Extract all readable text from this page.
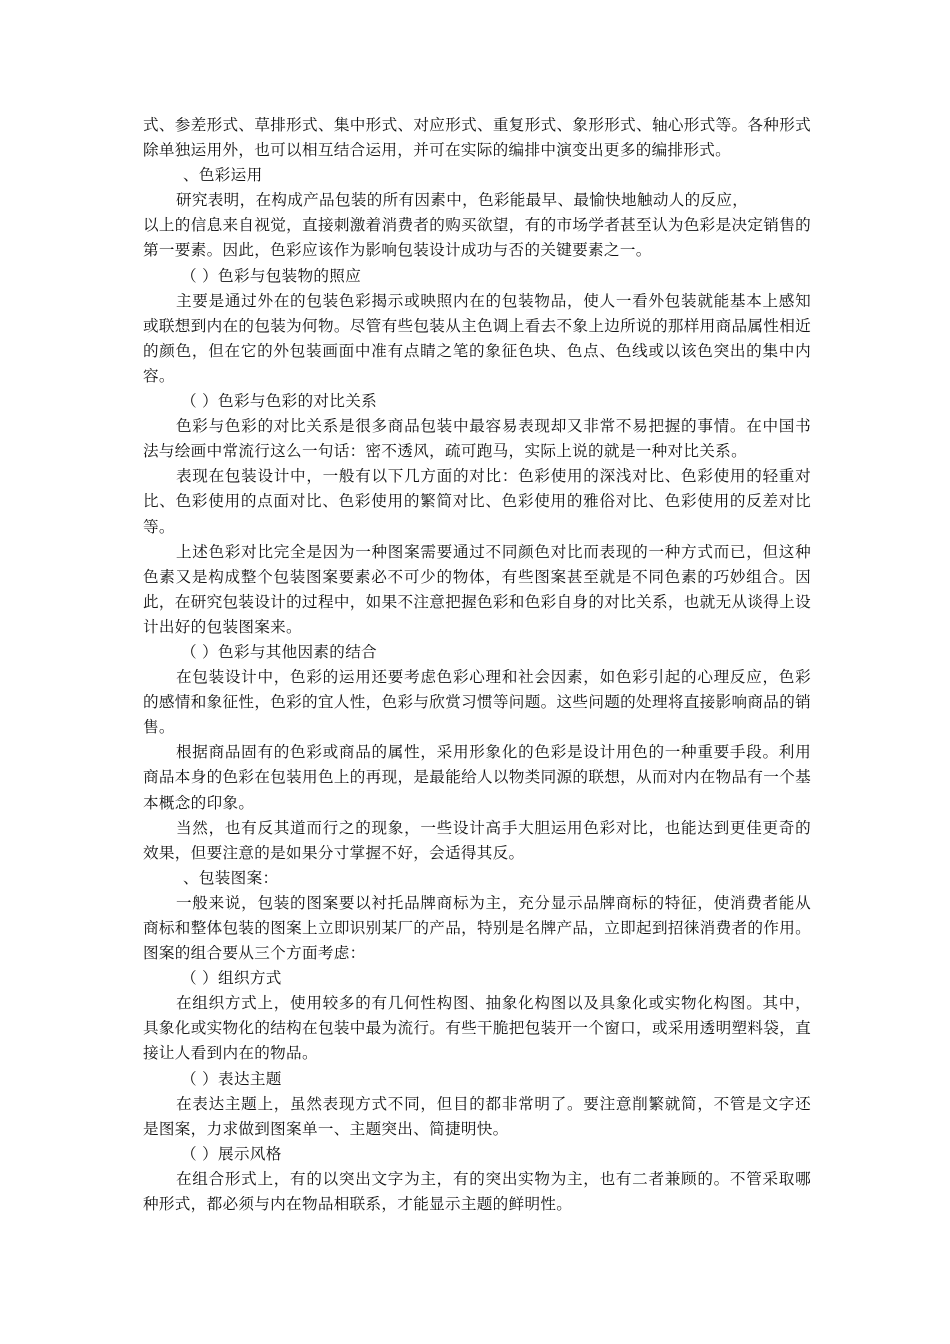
式、参差形式、草排形式、集中形式、对应形式、重复形式、象形形式、轴心形式等。各种形式除单独运用外，也可以相互结合运用，并可在实际的编排中演变出更多的编排形式。

、色彩运用

研究表明，在构成产品包装的所有因素中，色彩能最早、最愉快地触动人的反应，

以上的信息来自视觉，直接刺激着消费者的购买欲望，有的市场学者甚至认为色彩是决定销售的第一要素。因此，色彩应该作为影响包装设计成功与否的关键要素之一。

（ ）色彩与包装物的照应

主要是通过外在的包装色彩揭示或映照内在的包装物品，使人一看外包装就能基本上感知或联想到内在的包装为何物。尽管有些包装从主色调上看去不象上边所说的那样用商品属性相近的颜色，但在它的外包装画面中准有点睛之笔的象征色块、色点、色线或以该色突出的集中内容。

（ ）色彩与色彩的对比关系

色彩与色彩的对比关系是很多商品包装中最容易表现却又非常不易把握的事情。在中国书法与绘画中常流行这么一句话：密不透风，疏可跑马，实际上说的就是一种对比关系。

表现在包装设计中，一般有以下几方面的对比：色彩使用的深浅对比、色彩使用的轻重对比、色彩使用的点面对比、色彩使用的繁简对比、色彩使用的雅俗对比、色彩使用的反差对比等。

上述色彩对比完全是因为一种图案需要通过不同颜色对比而表现的一种方式而已，但这种色素又是构成整个包装图案要素必不可少的物体，有些图案甚至就是不同色素的巧妙组合。因此，在研究包装设计的过程中，如果不注意把握色彩和色彩自身的对比关系，也就无从谈得上设计出好的包装图案来。

（ ）色彩与其他因素的结合

在包装设计中，色彩的运用还要考虑色彩心理和社会因素，如色彩引起的心理反应，色彩的感情和象征性，色彩的宜人性，色彩与欣赏习惯等问题。这些问题的处理将直接影响商品的销售。

根据商品固有的色彩或商品的属性，采用形象化的色彩是设计用色的一种重要手段。利用商品本身的色彩在包装用色上的再现，是最能给人以物类同源的联想，从而对内在物品有一个基本概念的印象。

当然，也有反其道而行之的现象，一些设计高手大胆运用色彩对比，也能达到更佳更奇的效果，但要注意的是如果分寸掌握不好，会适得其反。

、包装图案：

一般来说，包装的图案要以衬托品牌商标为主，充分显示品牌商标的特征，使消费者能从商标和整体包装的图案上立即识别某厂的产品，特别是名牌产品，立即起到招徕消费者的作用。图案的组合要从三个方面考虑：

（ ）组织方式

在组织方式上，使用较多的有几何性构图、抽象化构图以及具象化或实物化构图。其中，具象化或实物化的结构在包装中最为流行。有些干脆把包装开一个窗口，或采用透明塑料袋，直接让人看到内在的物品。

（ ）表达主题

在表达主题上，虽然表现方式不同，但目的都非常明了。要注意削繁就简，不管是文字还是图案，力求做到图案单一、主题突出、简捷明快。

（ ）展示风格

在组合形式上，有的以突出文字为主，有的突出实物为主，也有二者兼顾的。不管采取哪种形式，都必须与内在物品相联系，才能显示主题的鲜明性。
